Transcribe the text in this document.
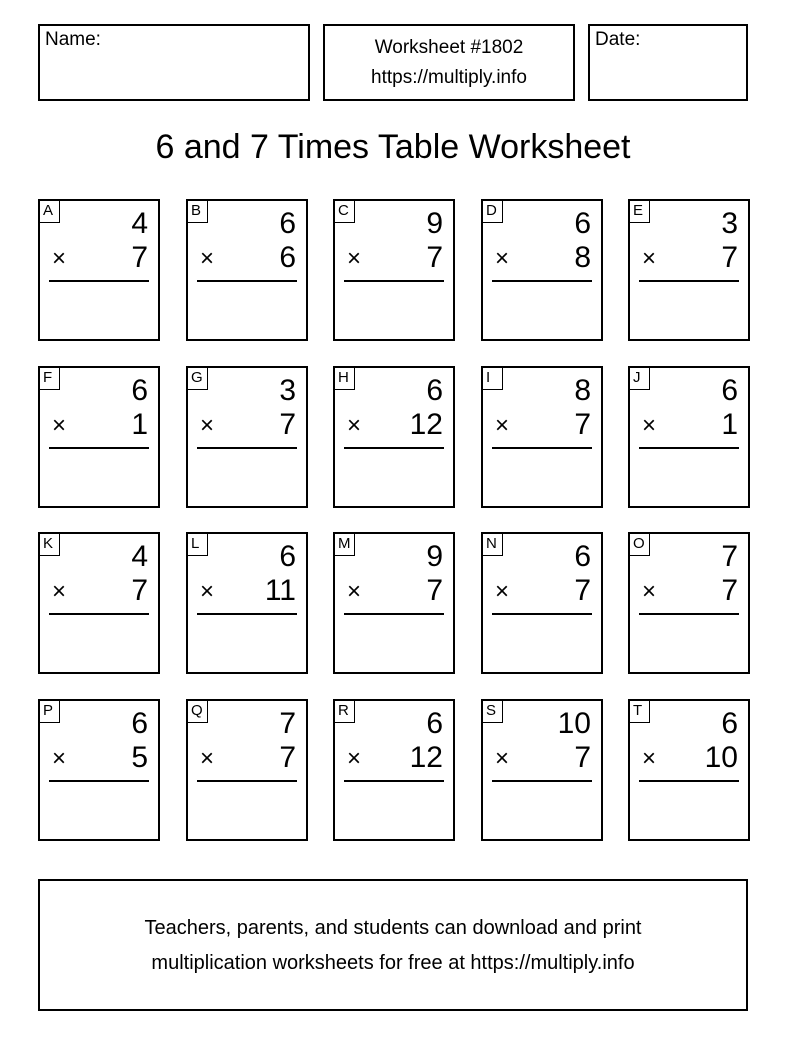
Name:	Worksheet #1802
https://multiply.info
Date:
6 and 7 Times Table Worksheet
A	4
× 7
B	6
× 6
C	9
× 7
D	6
× 8
E	3
× 7
F	6
× 1
G	3
× 7
H	6
× 12
I	8
× 7
J	6
× 1
K	4
× 7
L	6
× 11
M	9
× 7
N	6
× 7
O	7
× 7
P	6
× 5
Q	7
× 7
R	6
× 12
S 10
× 7
T	6
× 10
Teachers, parents, and students can download and print
multiplication worksheets for free at https://multiply.info
